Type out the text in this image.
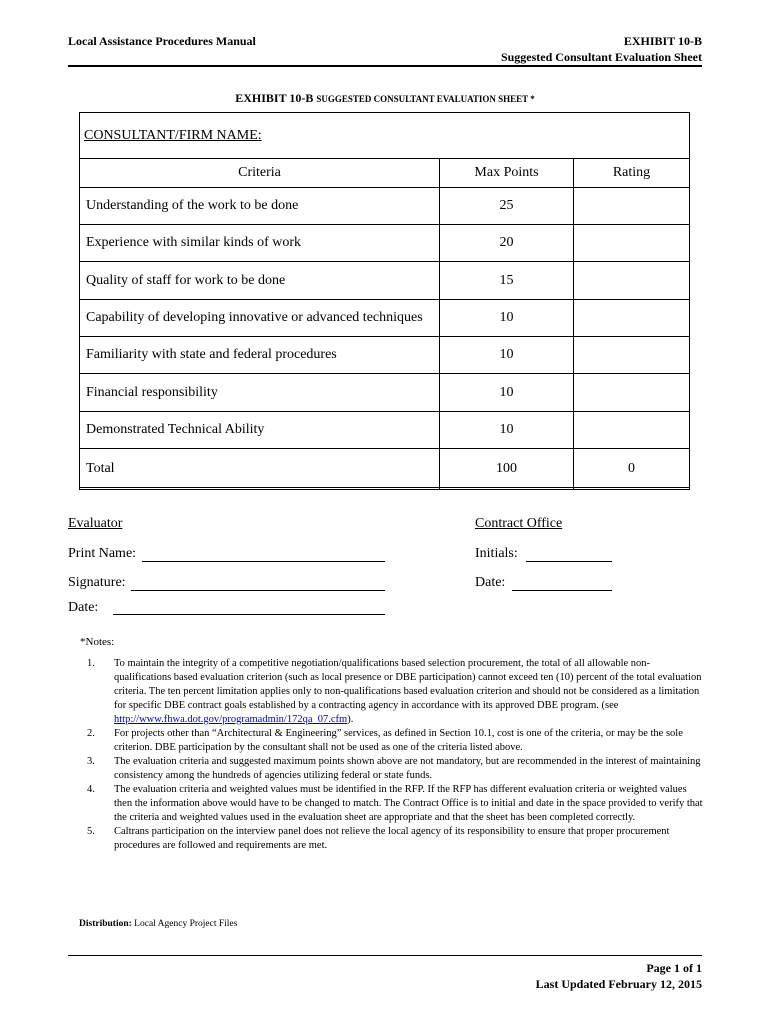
Local Assistance Procedures Manual	EXHIBIT 10-B
Suggested Consultant Evaluation Sheet
EXHIBIT 10-B SUGGESTED CONSULTANT EVALUATION SHEET *
CONSULTANT/FIRM NAME:
Criteria	Max Points	Rating
Understanding of the work to be done	25	
Experience with similar kinds of work	20	
Quality of staff for work to be done	15	
Capability of developing innovative or advanced techniques	10	
Familiarity with state and federal procedures	10	
Financial responsibility	10	
Demonstrated Technical Ability	10	
Total	100	0
Evaluator	Contract Office
Print Name:
Signature:
Date:
Initials:
Date:
*Notes:
1. To maintain the integrity of a competitive negotiation/qualifications based selection procurement, the total of all allowable non-qualifications based evaluation criterion (such as local presence or DBE participation) cannot exceed ten (10) percent of the total evaluation criteria. The ten percent limitation applies only to non-qualifications based evaluation criterion and should not be considered as a limitation for specific DBE contract goals established by a contracting agency in accordance with its approved DBE program. (see http://www.fhwa.dot.gov/programadmin/172qa_07.cfm).
2. For projects other than “Architectural & Engineering” services, as defined in Section 10.1, cost is one of the criteria, or may be the sole criterion. DBE participation by the consultant shall not be used as one of the criteria listed above.
3. The evaluation criteria and suggested maximum points shown above are not mandatory, but are recommended in the interest of maintaining consistency among the hundreds of agencies utilizing federal or state funds.
4. The evaluation criteria and weighted values must be identified in the RFP. If the RFP has different evaluation criteria or weighted values then the information above would have to be changed to match. The Contract Office is to initial and date in the space provided to verify that the criteria and weighted values used in the evaluation sheet are appropriate and that the sheet has been completed correctly.
5. Caltrans participation on the interview panel does not relieve the local agency of its responsibility to ensure that proper procurement procedures are followed and requirements are met.
Distribution: Local Agency Project Files
Page 1 of 1
Last Updated February 12, 2015
